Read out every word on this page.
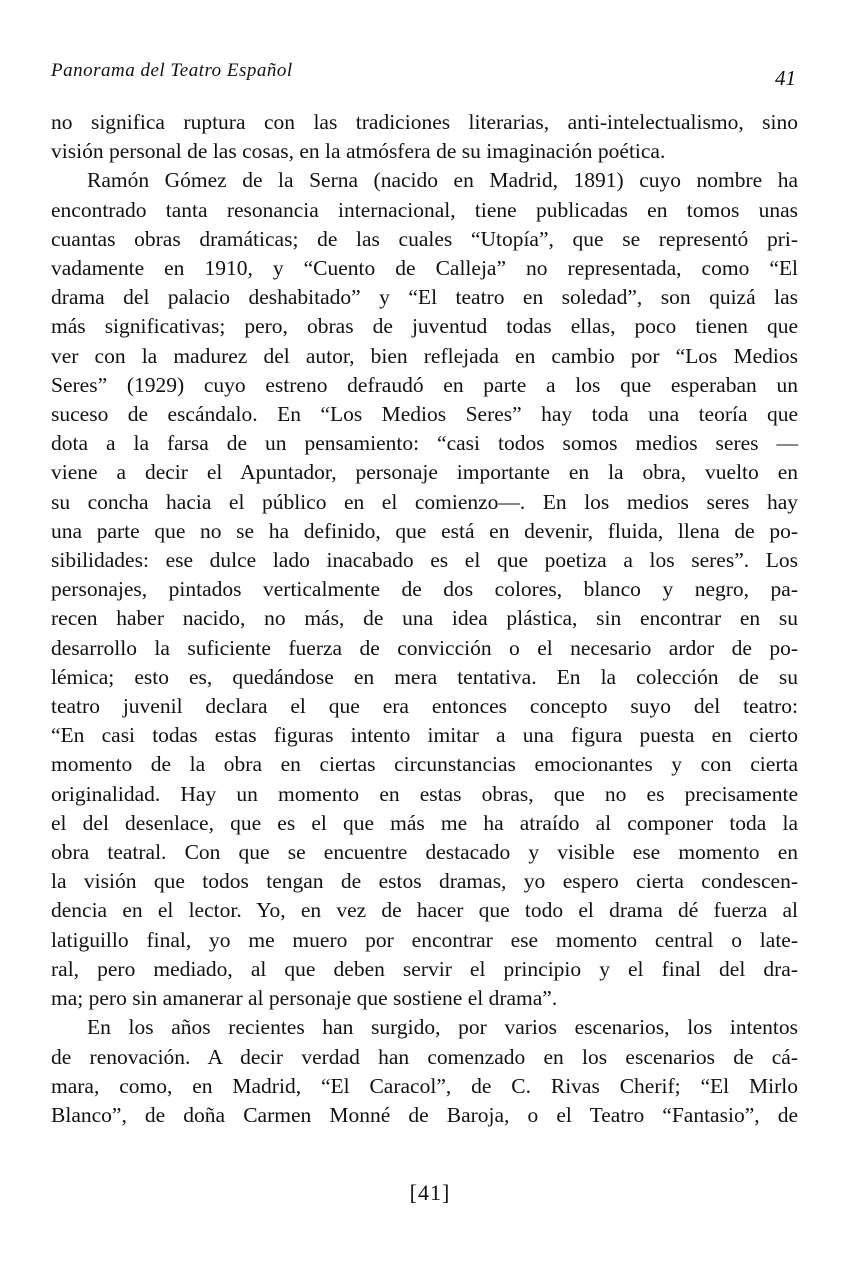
Panorama del Teatro Español	41

no significa ruptura con las tradiciones literarias, anti-intelectualismo, sino

visión personal de las cosas, en la atmósfera de su imaginación poética.

Ramón Gómez de la Serna (nacido en Madrid, 1891) cuyo nombre ha

encontrado tanta resonancia internacional, tiene publicadas en tomos unas

cuantas obras dramáticas; de las cuales “Utopía”, que se representó pri-

vadamente en 1910, y “Cuento de Calleja” no representada, como “El

drama del palacio deshabitado” y “El teatro en soledad”, son quizá las

más significativas; pero, obras de juventud todas ellas, poco tienen que

ver con la madurez del autor, bien reflejada en cambio por “Los Medios

Seres” (1929) cuyo estreno defraudó en parte a los que esperaban un

suceso de escándalo. En “Los Medios Seres” hay toda una teoría que

dota a la farsa de un pensamiento: “casi todos somos medios seres —

viene a decir el Apuntador, personaje importante en la obra, vuelto en

su concha hacia el público en el comienzo—. En los medios seres hay

una parte que no se ha definido, que está en devenir, fluida, llena de po-

sibilidades: ese dulce lado inacabado es el que poetiza a los seres”. Los

personajes, pintados verticalmente de dos colores, blanco y negro, pa-

recen haber nacido, no más, de una idea plástica, sin encontrar en su

desarrollo la suficiente fuerza de convicción o el necesario ardor de po-

lémica; esto es, quedándose en mera tentativa. En la colección de su

teatro juvenil declara el que era entonces concepto suyo del teatro:

“En casi todas estas figuras intento imitar a una figura puesta en cierto

momento de la obra en ciertas circunstancias emocionantes y con cierta

originalidad. Hay un momento en estas obras, que no es precisamente

el del desenlace, que es el que más me ha atraído al componer toda la

obra teatral. Con que se encuentre destacado y visible ese momento en

la visión que todos tengan de estos dramas, yo espero cierta condescen-

dencia en el lector. Yo, en vez de hacer que todo el drama dé fuerza al

latiguillo final, yo me muero por encontrar ese momento central o late-

ral, pero mediado, al que deben servir el principio y el final del dra-

ma; pero sin amanerar al personaje que sostiene el drama”.

En los años recientes han surgido, por varios escenarios, los intentos

de renovación. A decir verdad han comenzado en los escenarios de cá-

mara, como, en Madrid, “El Caracol”, de C. Rivas Cherif; “El Mirlo

Blanco”, de doña Carmen Monné de Baroja, o el Teatro “Fantasio”, de

[41]
